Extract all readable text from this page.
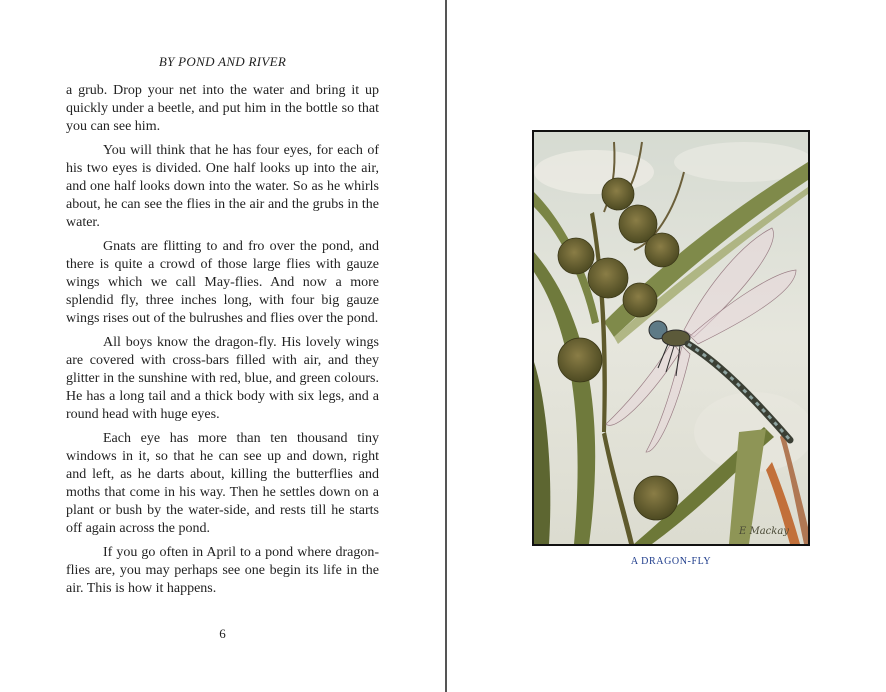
BY POND AND RIVER

a grub. Drop your net into the water and bring it up quickly under a beetle, and put him in the bottle so that you can see him.

You will think that he has four eyes, for each of his two eyes is divided. One half looks up into the air, and one half looks down into the water. So as he whirls about, he can see the flies in the air and the grubs in the water.

Gnats are flitting to and fro over the pond, and there is quite a crowd of those large flies with gauze wings which we call May-flies. And now a more splendid fly, three inches long, with four big gauze wings rises out of the bulrushes and flies over the pond.

All boys know the dragon-fly. His lovely wings are covered with cross-bars filled with air, and they glitter in the sunshine with red, blue, and green colours. He has a long tail and a thick body with six legs, and a round head with huge eyes.

Each eye has more than ten thousand tiny windows in it, so that he can see up and down, right and left, as he darts about, killing the butterflies and moths that come in his way. Then he settles down on a plant or bush by the water-side, and rests till he starts off again across the pond.

If you go often in April to a pond where dragon-flies are, you may perhaps see one begin its life in the air. This is how it happens.

6
E Mackay
A DRAGON-FLY
